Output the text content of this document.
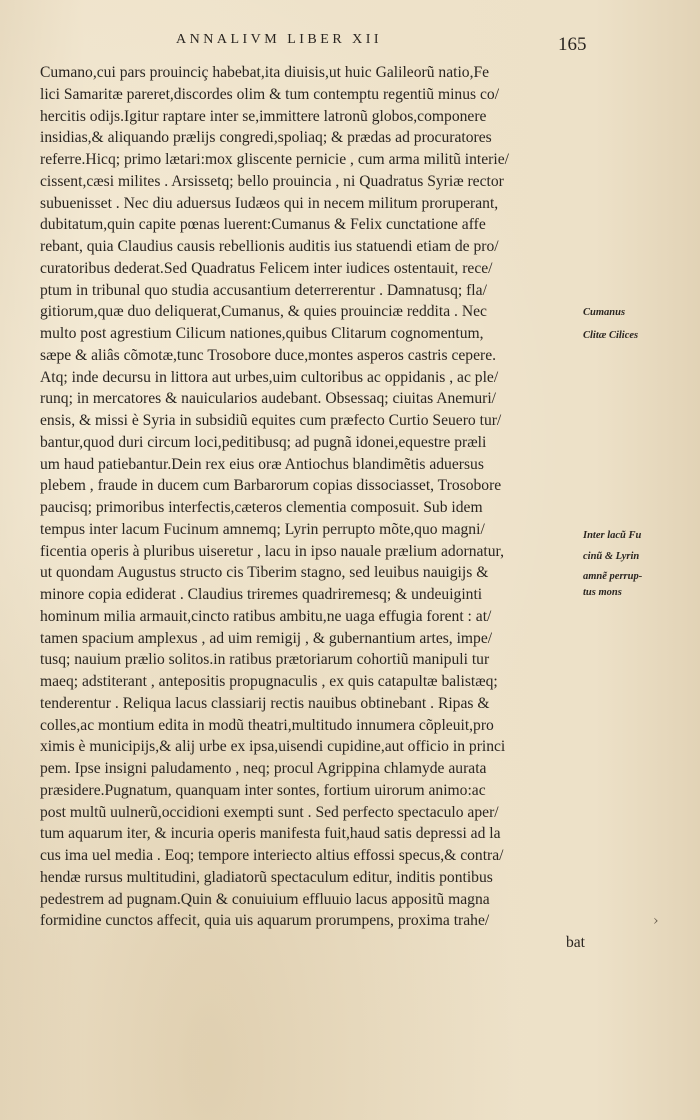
ANNALIVM LIBER XII	165
Cumano,cui pars prouinciç habebat,ita diuisis,ut huic Galileorũ natio,Fe
lici Samaritæ pareret,discordes olim & tum contemptu regentiũ minus co/
hercitis odijs.Igitur raptare inter se,immittere latronũ globos,componere
insidias,& aliquando prælijs congredi,spoliaq; & prædas ad procuratores
referre.Hicq; primo lætari:mox gliscente pernicie , cum arma militũ interie/
cissent,cæsi milites . Arsissetq; bello prouincia , ni Quadratus Syriæ rector
subuenisset . Nec diu aduersus Iudæos qui in necem militum proruperant,
dubitatum,quin capite pœnas luerent:Cumanus & Felix cunctatione affe
rebant, quia Claudius causis rebellionis auditis ius statuendi etiam de pro/
curatoribus dederat.Sed Quadratus Felicem inter iudices ostentauit, rece/
ptum in tribunal quo studia accusantium deterrerentur . Damnatusq; fla/
gitiorum,quæ duo deliquerat,Cumanus, & quies prouinciæ reddita . Nec
multo post agrestium Cilicum nationes,quibus Clitarum cognomentum,
sæpe & aliâs cõmotæ,tunc Trosobore duce,montes asperos castris cepere.
Atq; inde decursu in littora aut urbes,uim cultoribus ac oppidanis , ac ple/
runq; in mercatores & nauicularios audebant. Obsessaq; ciuitas Anemuri/
ensis, & missi è Syria in subsidiũ equites cum præfecto Curtio Seuero tur/
bantur,quod duri circum loci,peditibusq; ad pugnã idonei,equestre præli
um haud patiebantur.Dein rex eius oræ Antiochus blandimẽtis aduersus
plebem , fraude in ducem cum Barbarorum copias dissociasset, Trosobore
paucisq; primoribus interfectis,cæteros clementia composuit. Sub idem
tempus inter lacum Fucinum amnemq; Lyrin perrupto mõte,quo magni/
ficentia operis à pluribus uiseretur , lacu in ipso nauale prælium adornatur,
ut quondam Augustus structo cis Tiberim stagno, sed leuibus nauigijs &
minore copia ediderat . Claudius triremes quadriremesq; & undeuiginti
hominum milia armauit,cincto ratibus ambitu,ne uaga effugia forent : at/
tamen spacium amplexus , ad uim remigij , & gubernantium artes, impe/
tusq; nauium prælio solitos.in ratibus prætoriarum cohortiũ manipuli tur
maeq; adstiterant , antepositis propugnaculis , ex quis catapultæ balistæq;
tenderentur . Reliqua lacus classiarij rectis nauibus obtinebant . Ripas &
colles,ac montium edita in modũ theatri,multitudo innumera cõpleuit,pro
ximis è municipijs,& alij urbe ex ipsa,uisendi cupidine,aut officio in princi
pem. Ipse insigni paludamento , neq; procul Agrippina chlamyde aurata
præsidere.Pugnatum, quanquam inter sontes, fortium uirorum animo:ac
post multũ uulnerũ,occidioni exempti sunt . Sed perfecto spectaculo aper/
tum aquarum iter, & incuria operis manifesta fuit,haud satis depressi ad la
cus ima uel media . Eoq; tempore interiecto altius effossi specus,& contra/
hendæ rursus multitudini, gladiatorũ spectaculum editur, inditis pontibus
pedestrem ad pugnam.Quin & conuiuium effluuio lacus appositũ magna
formidine cunctos affecit, quia uis aquarum prorumpens, proxima trahe/
bat
Cumanus
Clitæ Cilices
Inter lacũ Fu
cinũ & Lyrin
amnẽ perrup-
tus mons
›
